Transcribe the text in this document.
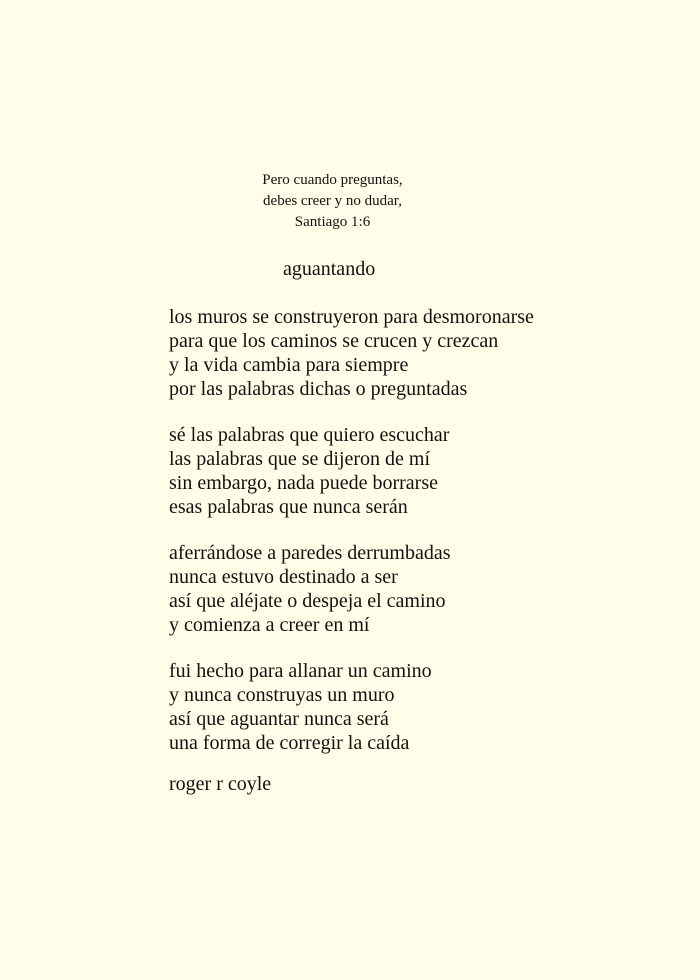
Pero cuando preguntas,
debes creer y no dudar,
Santiago 1:6
aguantando
los muros se construyeron para desmoronarse
para que los caminos se crucen y crezcan
y la vida cambia para siempre
por las palabras dichas o preguntadas
sé las palabras que quiero escuchar
las palabras que se dijeron de mí
sin embargo, nada puede borrarse
esas palabras que nunca serán
aferrándose a paredes derrumbadas
nunca estuvo destinado a ser
así que aléjate o despeja el camino
y comienza a creer en mí
fui hecho para allanar un camino
y nunca construyas un muro
así que aguantar nunca será
una forma de corregir la caída
roger r coyle
